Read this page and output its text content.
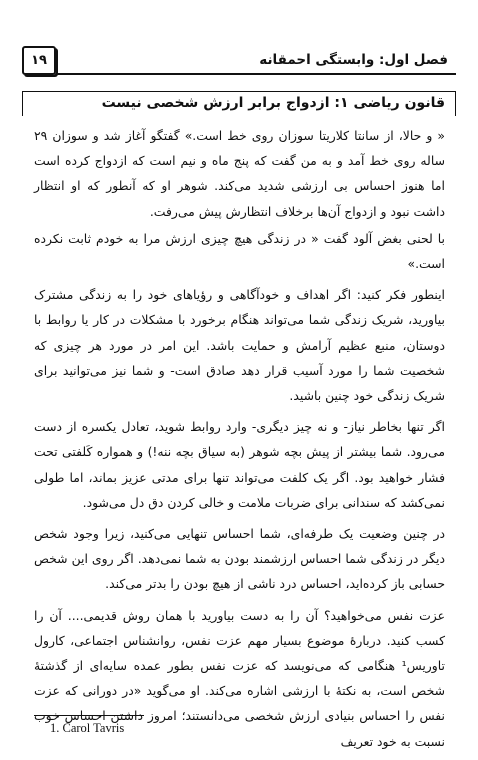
فصل اول: وابستگی احمقانه
۱۹
قانون ریاضی ۱: ازدواج برابر ارزش شخصی نیست

« و حالا، از سانتا کلاریتا سوزان روی خط است.» گفتگو آغاز شد و سوزان ۲۹ ساله روی خط آمد و به من گفت که پنج ماه و نیم است که ازدواج کرده است اما هنوز احساس بی ارزشی شدید می‌کند. شوهر او که آنطور که او انتظار داشت نبود و ازدواج آن‌ها برخلاف انتظارش پیش می‌رفت.

با لحنی بغض آلود گفت « در زندگی هیچ چیزی ارزش مرا به خودم ثابت نکرده است.»

اینطور فکر کنید: اگر اهداف و خودآگاهی و رؤیاهای خود را به زندگی مشترک بیاورید، شریک زندگی شما می‌تواند هنگام برخورد با مشکلات در کار یا روابط با دوستان، منبع عظیم آرامش و حمایت باشد. این امر در مورد هر چیزی که شخصیت شما را مورد آسیب قرار دهد صادق است- و شما نیز می‌توانید برای شریک زندگی خود چنین باشید.

اگر تنها بخاطر نیاز- و نه چیز دیگری- وارد روابط شوید، تعادل یکسره از دست می‌رود. شما بیشتر از پیش بچه شوهر (به سیاق بچه ننه!) و همواره کَلفتی تحت فشار خواهید بود. اگر یک کلفت می‌تواند تنها برای مدتی عزیز بماند، اما طولی نمی‌کشد که سندانی برای ضربات ملامت و خالی کردن دق دل می‌شود.

در چنین وضعیت یک طرفه‌ای، شما احساس تنهایی می‌کنید، زیرا وجود شخص دیگر در زندگی شما احساس ارزشمند بودن به شما نمی‌دهد. اگر روی این شخص حسابی باز کرده‌اید، احساس درد ناشی از هیچ بودن را بدتر می‌کند.

عزت نفس می‌خواهید؟ آن را به دست بیاورید با همان روش قدیمی.... آن را کسب کنید. دربارهٔ موضوع بسیار مهم عزت نفس، روانشناس اجتماعی، کارول تاوریس¹ هنگامی که می‌نویسد که عزت نفس بطور عمده سایه‌ای از گذشتهٔ شخص است، به نکتهٔ با ارزشی اشاره می‌کند. او می‌گوید «در دورانی که عزت نفس را احساس بنیادی ارزش شخصی می‌دانستند؛ امروز داشتن احساس خوب نسبت به خود تعریف

1. Carol Tavris
